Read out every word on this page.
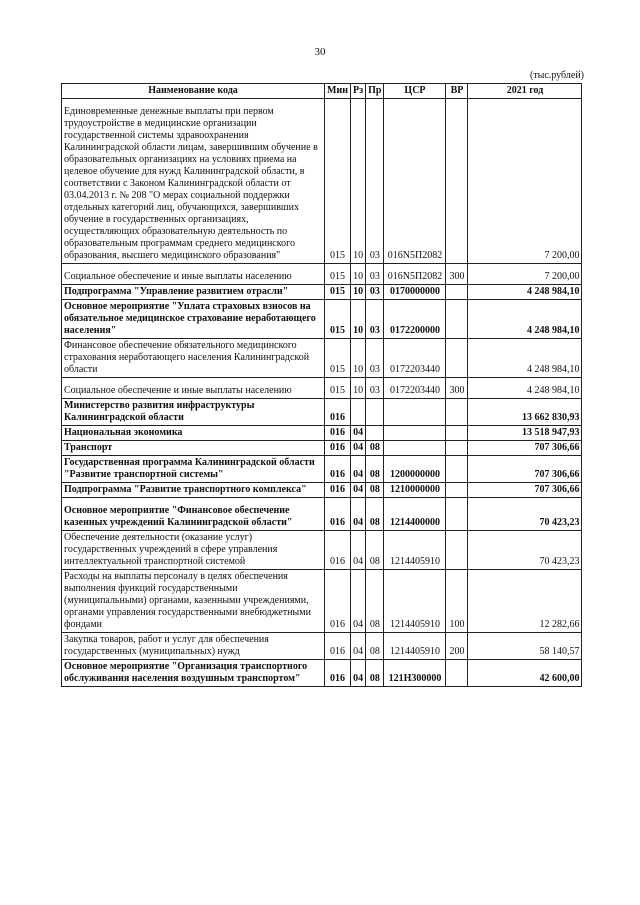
30
(тыс.рублей)
Наименование кода	Мин	Рз	Пр	ЦСР	ВР	2021 год

Единовременные денежные выплаты при первом трудоустройстве в медицинские организации государственной системы здравоохранения Калининградской области лицам, завершившим обучение в образовательных организациях на условиях приема на целевое обучение для нужд Калининградской области, в соответствии с Законом Калининградской области от 03.04.2013 г. № 208 "О мерах социальной поддержки отдельных категорий лиц, обучающихся, завершивших обучение в государственных организациях, осуществляющих образовательную деятельность по образовательным программам среднего медицинского образования, высшего медицинского образования"	015	10	03	016N5П2082		7 200,00

Социальное обеспечение и иные выплаты населению	015	10	03	016N5П2082	300	7 200,00
Подпрограмма "Управление развитием отрасли"	015	10	03	0170000000		4 248 984,10
Основное мероприятие "Уплата страховых взносов на обязательное медицинское страхование неработающего населения"	015	10	03	0172200000		4 248 984,10
Финансовое обеспечение обязательного медицинского страхования неработающего населения Калининградской области	015	10	03	0172203440		4 248 984,10

Социальное обеспечение и иные выплаты населению	015	10	03	0172203440	300	4 248 984,10
Министерство развития инфраструктуры Калининградской области	016					13 662 830,93
Национальная экономика	016	04				13 518 947,93
Транспорт	016	04	08			707 306,66
Государственная программа Калининградской области "Развитие транспортной системы"	016	04	08	1200000000		707 306,66
Подпрограмма "Развитие транспортного комплекса"	016	04	08	1210000000		707 306,66

Основное мероприятие "Финансовое обеспечение казенных учреждений Калининградской области"	016	04	08	1214400000		70 423,23
Обеспечение деятельности (оказание услуг) государственных учреждений в сфере управления интеллектуальной транспортной системой	016	04	08	1214405910		70 423,23
Расходы на выплаты персоналу в целях обеспечения выполнения функций государственными (муниципальными) органами, казенными учреждениями, органами управления государственными внебюджетными фондами	016	04	08	1214405910	100	12 282,66
Закупка товаров, работ и услуг для обеспечения государственных (муниципальных) нужд	016	04	08	1214405910	200	58 140,57
Основное мероприятие "Организация транспортного обслуживания населения воздушным транспортом"	016	04	08	121Н300000		42 600,00
